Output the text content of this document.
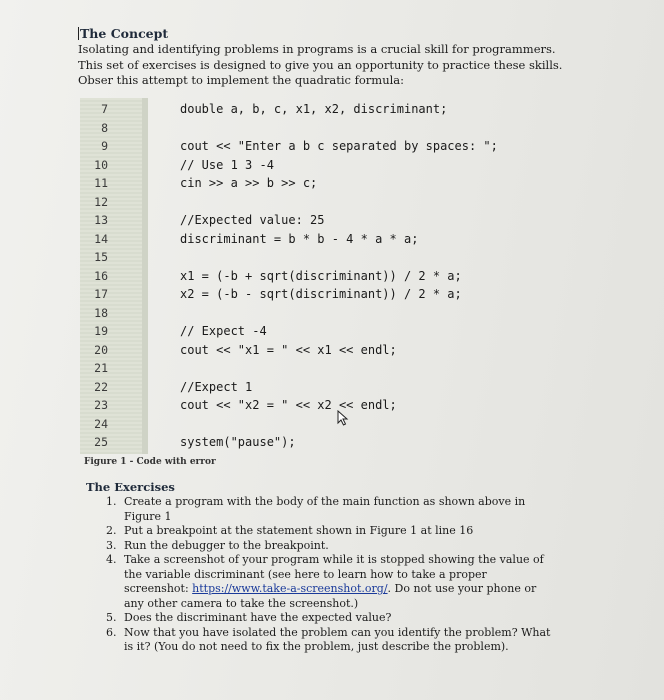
The Concept
Isolating and identifying problems in programs is a crucial skill for programmers.
This set of exercises is designed to give you an opportunity to practice these skills.
Obser this attempt to implement the quadratic formula:
7
8
9
10
11
12
13
14
15
16
17
18
19
20
21
22
23
24
25
double a, b, c, x1, x2, discriminant;
cout << "Enter a b c separated by spaces: ";
// Use 1 3 -4
cin >> a >> b >> c;
//Expected value: 25
discriminant = b * b - 4 * a * a;
x1 = (-b + sqrt(discriminant)) / 2 * a;
x2 = (-b - sqrt(discriminant)) / 2 * a;
// Expect -4
cout << "x1 = " << x1 << endl;
//Expect 1
cout << "x2 = " << x2 << endl;
system("pause");
Figure 1 - Code with error
The Exercises
1. Create a program with the body of the main function as shown above in Figure 1
2. Put a breakpoint at the statement shown in Figure 1 at line 16
3. Run the debugger to the breakpoint.
4. Take a screenshot of your program while it is stopped showing the value of the variable discriminant (see here to learn how to take a proper screenshot: https://www.take-a-screenshot.org/. Do not use your phone or any other camera to take the screenshot.)
5. Does the discriminant have the expected value?
6. Now that you have isolated the problem can you identify the problem? What is it? (You do not need to fix the problem, just describe the problem).
